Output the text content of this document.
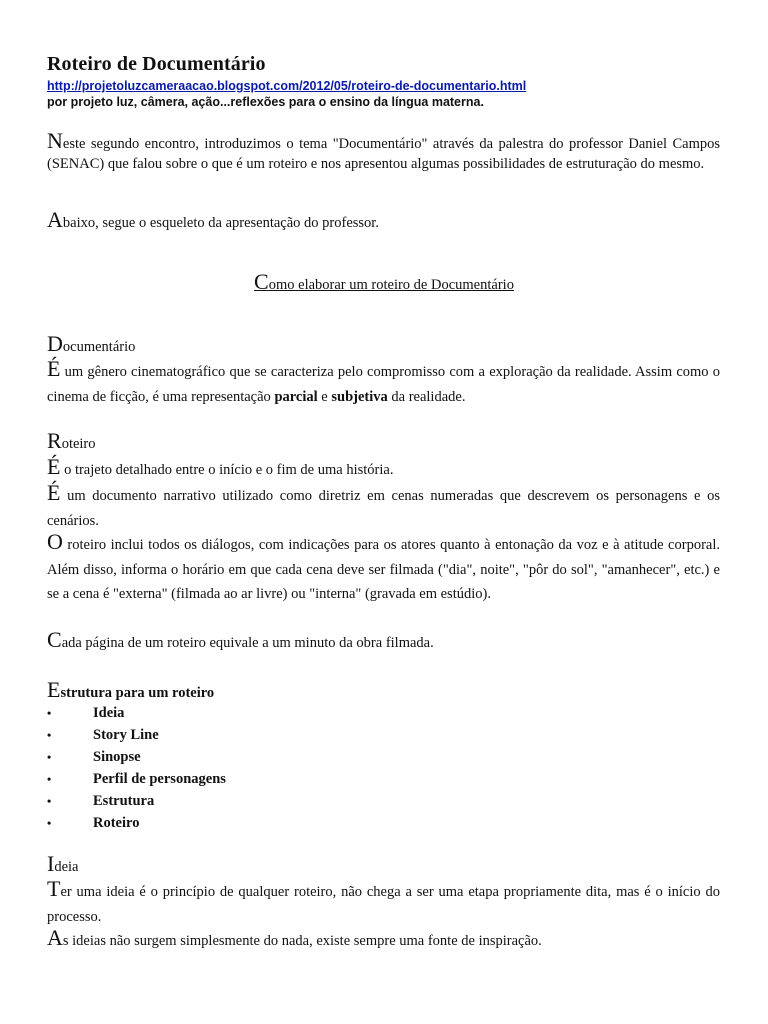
Roteiro de Documentário
http://projetoluzcameraacao.blogspot.com/2012/05/roteiro-de-documentario.html
por projeto luz, câmera, ação...reflexões para o ensino da língua materna.
Neste segundo encontro, introduzimos o tema "Documentário" através da palestra do professor Daniel Campos (SENAC) que falou sobre o que é um roteiro e nos apresentou algumas possibilidades de estruturação do mesmo.
Abaixo, segue o esqueleto da apresentação do professor.
Como elaborar um roteiro de Documentário
Documentário
É um gênero cinematográfico que se caracteriza pelo compromisso com a exploração da realidade. Assim como o cinema de ficção, é uma representação parcial e subjetiva da realidade.
Roteiro
É o trajeto detalhado entre o início e o fim de uma história.
É um documento narrativo utilizado como diretriz em cenas numeradas que descrevem os personagens e os cenários.
O roteiro inclui todos os diálogos, com indicações para os atores quanto à entonação da voz e à atitude corporal. Além disso, informa o horário em que cada cena deve ser filmada ("dia", noite", "pôr do sol", "amanhecer", etc.) e se a cena é "externa" (filmada ao ar livre) ou "interna" (gravada em estúdio).
Cada página de um roteiro equivale a um minuto da obra filmada.
Estrutura para um roteiro
•	Ideia
•	Story Line
•	Sinopse
•	Perfil de personagens
•	Estrutura
•	Roteiro
Ideia
Ter uma ideia é o princípio de qualquer roteiro, não chega a ser uma etapa propriamente dita, mas é o início do processo.
As ideias não surgem simplesmente do nada, existe sempre uma fonte de inspiração.
